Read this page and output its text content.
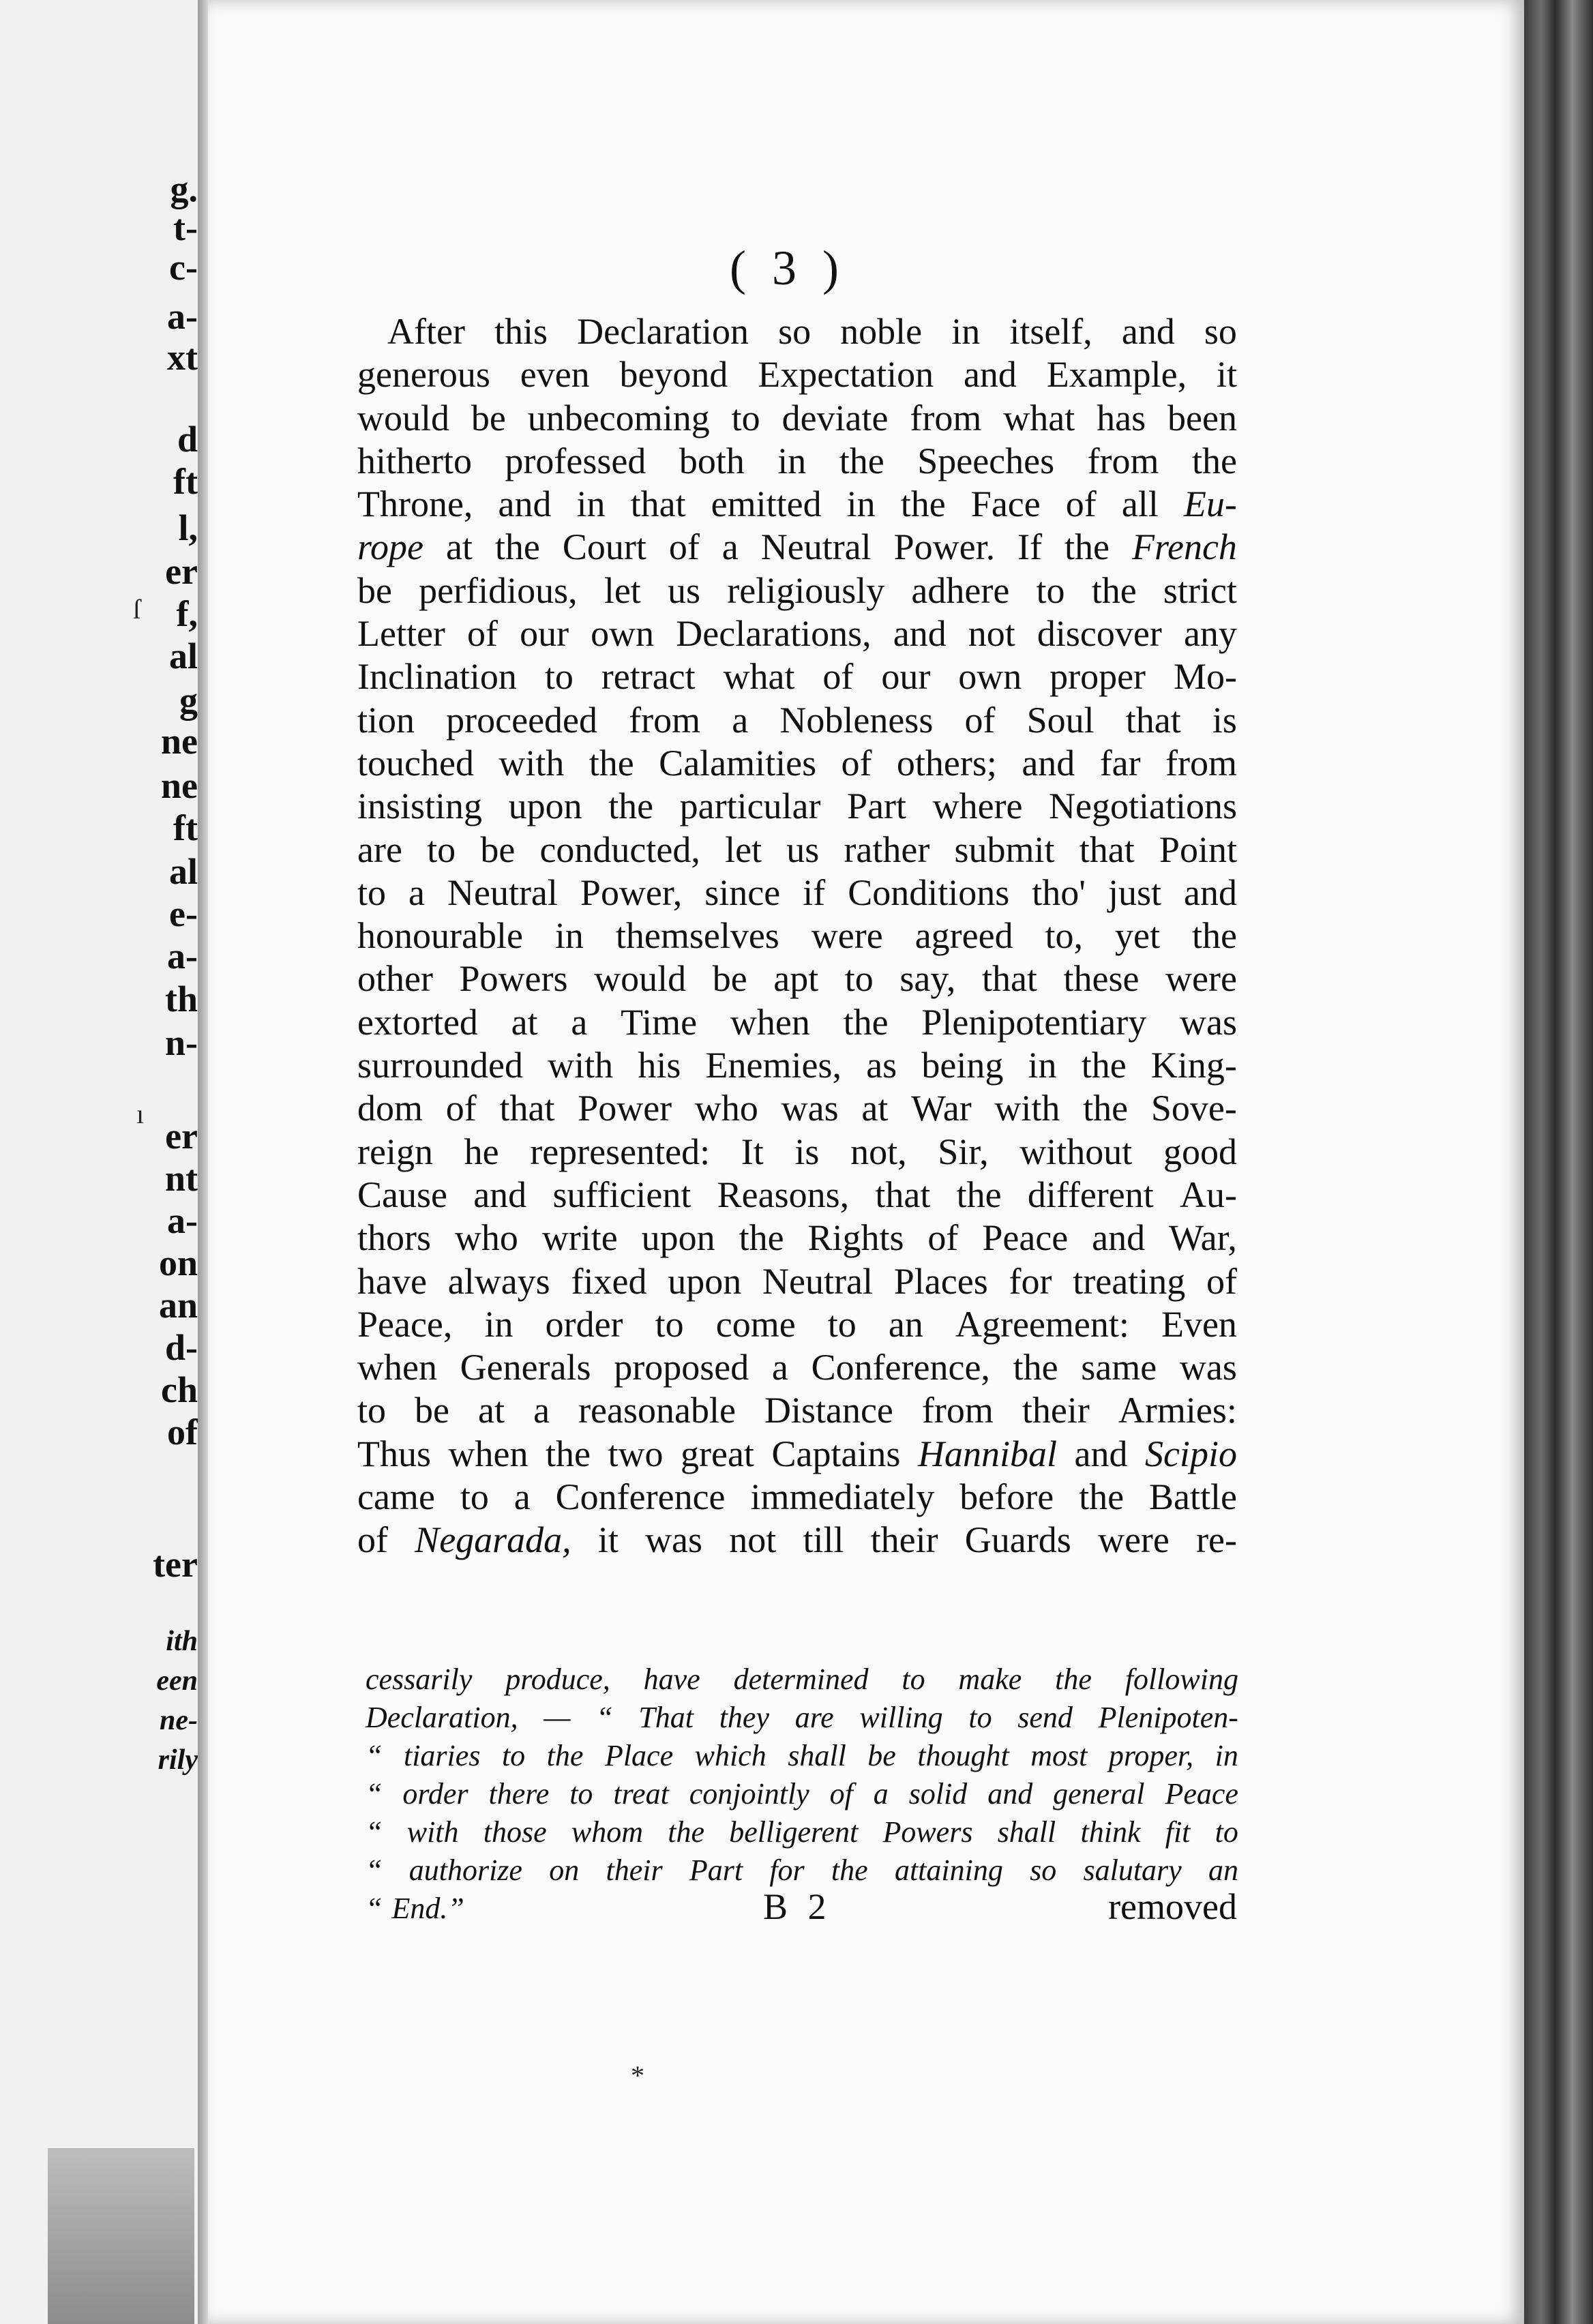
g.
t-
c-
a-
xt
d
ft
l,
er
f,
al
g
ne
ne
ft
al
e-
a-
th
n-
er
nt
a-
on
an
d-
ch
of
ter
ith
een
ne-
rily
ſ
ı
*
( 3 )
After this Declaration so noble in itself, and so
generous even beyond Expectation and Example, it
would be unbecoming to deviate from what has been
hitherto professed both in the Speeches from the
Throne, and in that emitted in the Face of all Eu-
rope at the Court of a Neutral Power. If the French
be perfidious, let us religiously adhere to the strict
Letter of our own Declarations, and not discover any
Inclination to retract what of our own proper Mo-
tion proceeded from a Nobleness of Soul that is
touched with the Calamities of others; and far from
insisting upon the particular Part where Negotiations
are to be conducted, let us rather submit that Point
to a Neutral Power, since if Conditions tho' just and
honourable in themselves were agreed to, yet the
other Powers would be apt to say, that these were
extorted at a Time when the Plenipotentiary was
surrounded with his Enemies, as being in the King-
dom of that Power who was at War with the Sove-
reign he represented: It is not, Sir, without good
Cause and sufficient Reasons, that the different Au-
thors who write upon the Rights of Peace and War,
have always fixed upon Neutral Places for treating of
Peace, in order to come to an Agreement: Even
when Generals proposed a Conference, the same was
to be at a reasonable Distance from their Armies:
Thus when the two great Captains Hannibal and Scipio
came to a Conference immediately before the Battle
of Negarada, it was not till their Guards were re-
B 2	removed
cessarily produce, have determined to make the following
Declaration, — “ That they are willing to send Plenipoten-
“ tiaries to the Place which shall be thought most proper, in
“ order there to treat conjointly of a solid and general Peace
“ with those whom the belligerent Powers shall think fit to
“ authorize on their Part for the attaining so salutary an
“ End.”
